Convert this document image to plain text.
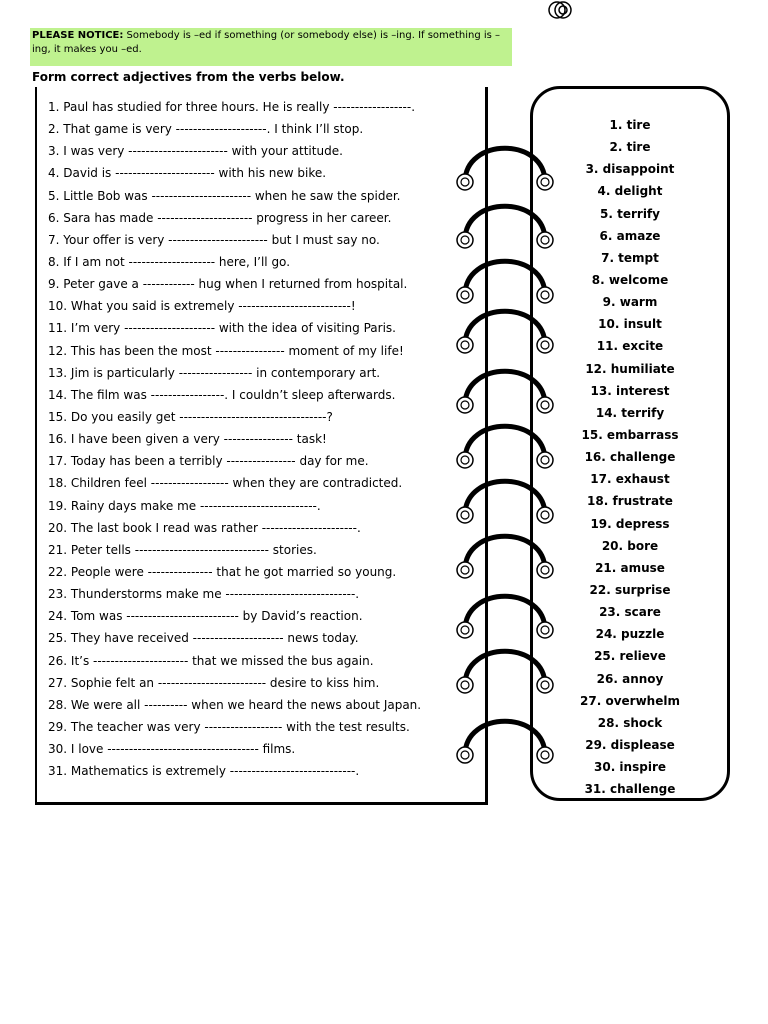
PLEASE NOTICE: Somebody is –ed if something (or somebody else) is –ing. If something is –ing, it makes you –ed.
Form correct adjectives from the verbs below.
1. Paul has studied for three hours. He is really ------------------.
2. That game is very ---------------------. I think I’ll stop.
3. I was very ----------------------- with your attitude.
4. David is ----------------------- with his new bike.
5. Little Bob was ----------------------- when he saw the spider.
6. Sara has made ---------------------- progress in her career.
7. Your offer is very ----------------------- but I must say no.
8. If I am not -------------------- here, I’ll go.
9. Peter gave a ------------ hug when I returned from hospital.
10. What you said is extremely --------------------------!
11. I’m very --------------------- with the idea of visiting Paris.
12. This has been the most ---------------- moment of my life!
13. Jim is particularly ----------------- in contemporary art.
14. The film was -----------------. I couldn’t sleep afterwards.
15. Do you easily get ----------------------------------?
16. I have been given a very ---------------- task!
17. Today has been a terribly ---------------- day for me.
18. Children feel ------------------ when they are contradicted.
19. Rainy days make me ---------------------------.
20. The last book I read was rather ----------------------.
21. Peter tells ------------------------------- stories.
22. People were --------------- that he got married so young.
23. Thunderstorms make me ------------------------------.
24. Tom was -------------------------- by David’s reaction.
25. They have received --------------------- news today.
26. It’s ---------------------- that we missed the bus again.
27. Sophie felt an ------------------------- desire to kiss him.
28. We were all ---------- when we heard the news about Japan.
29. The teacher was very ------------------ with the test results.
30. I love ----------------------------------- films.
31. Mathematics is extremely -----------------------------.
1. tire
2. tire
3. disappoint
4. delight
5. terrify
6. amaze
7. tempt
8. welcome
9. warm
10. insult
11. excite
12. humiliate
13. interest
14. terrify
15. embarrass
16. challenge
17. exhaust
18. frustrate
19. depress
20. bore
21. amuse
22. surprise
23. scare
24. puzzle
25. relieve
26. annoy
27. overwhelm
28. shock
29. displease
30. inspire
31. challenge
